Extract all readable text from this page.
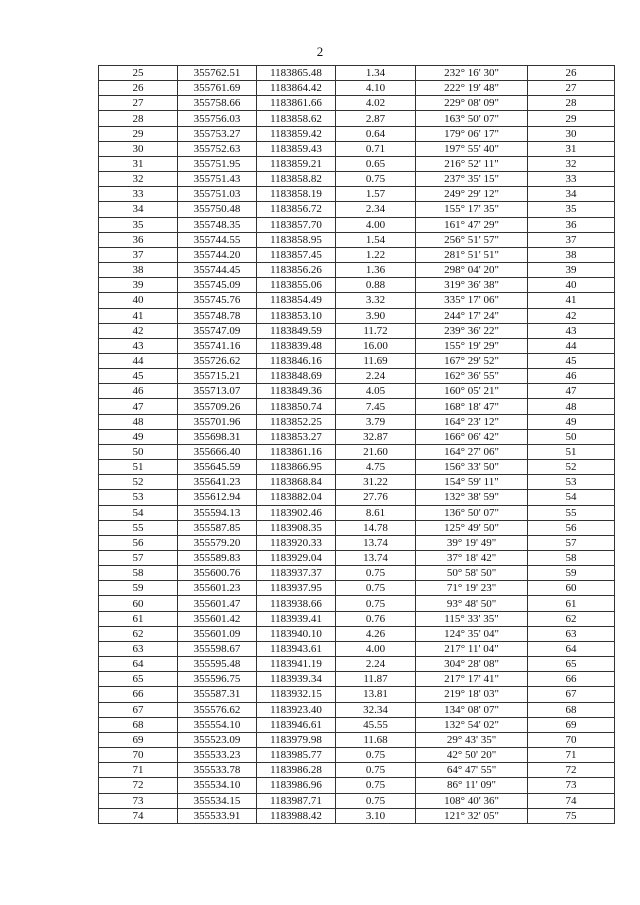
2
25	355762.51	1183865.48	1.34	232° 16' 30"	26
26	355761.69	1183864.42	4.10	222° 19' 48"	27
27	355758.66	1183861.66	4.02	229° 08' 09"	28
28	355756.03	1183858.62	2.87	163° 50' 07"	29
29	355753.27	1183859.42	0.64	179° 06' 17"	30
30	355752.63	1183859.43	0.71	197° 55' 40"	31
31	355751.95	1183859.21	0.65	216° 52' 11"	32
32	355751.43	1183858.82	0.75	237° 35' 15"	33
33	355751.03	1183858.19	1.57	249° 29' 12"	34
34	355750.48	1183856.72	2.34	155° 17' 35"	35
35	355748.35	1183857.70	4.00	161° 47' 29"	36
36	355744.55	1183858.95	1.54	256° 51' 57"	37
37	355744.20	1183857.45	1.22	281° 51' 51"	38
38	355744.45	1183856.26	1.36	298° 04' 20"	39
39	355745.09	1183855.06	0.88	319° 36' 38"	40
40	355745.76	1183854.49	3.32	335° 17' 06"	41
41	355748.78	1183853.10	3.90	244° 17' 24"	42
42	355747.09	1183849.59	11.72	239° 36' 22"	43
43	355741.16	1183839.48	16.00	155° 19' 29"	44
44	355726.62	1183846.16	11.69	167° 29' 52"	45
45	355715.21	1183848.69	2.24	162° 36' 55"	46
46	355713.07	1183849.36	4.05	160° 05' 21"	47
47	355709.26	1183850.74	7.45	168° 18' 47"	48
48	355701.96	1183852.25	3.79	164° 23' 12"	49
49	355698.31	1183853.27	32.87	166° 06' 42"	50
50	355666.40	1183861.16	21.60	164° 27' 06"	51
51	355645.59	1183866.95	4.75	156° 33' 50"	52
52	355641.23	1183868.84	31.22	154° 59' 11"	53
53	355612.94	1183882.04	27.76	132° 38' 59"	54
54	355594.13	1183902.46	8.61	136° 50' 07"	55
55	355587.85	1183908.35	14.78	125° 49' 50"	56
56	355579.20	1183920.33	13.74	39° 19' 49"	57
57	355589.83	1183929.04	13.74	37° 18' 42"	58
58	355600.76	1183937.37	0.75	50° 58' 50"	59
59	355601.23	1183937.95	0.75	71° 19' 23"	60
60	355601.47	1183938.66	0.75	93° 48' 50"	61
61	355601.42	1183939.41	0.76	115° 33' 35"	62
62	355601.09	1183940.10	4.26	124° 35' 04"	63
63	355598.67	1183943.61	4.00	217° 11' 04"	64
64	355595.48	1183941.19	2.24	304° 28' 08"	65
65	355596.75	1183939.34	11.87	217° 17' 41"	66
66	355587.31	1183932.15	13.81	219° 18' 03"	67
67	355576.62	1183923.40	32.34	134° 08' 07"	68
68	355554.10	1183946.61	45.55	132° 54' 02"	69
69	355523.09	1183979.98	11.68	29° 43' 35"	70
70	355533.23	1183985.77	0.75	42° 50' 20"	71
71	355533.78	1183986.28	0.75	64° 47' 55"	72
72	355534.10	1183986.96	0.75	86° 11' 09"	73
73	355534.15	1183987.71	0.75	108° 40' 36"	74
74	355533.91	1183988.42	3.10	121° 32' 05"	75
